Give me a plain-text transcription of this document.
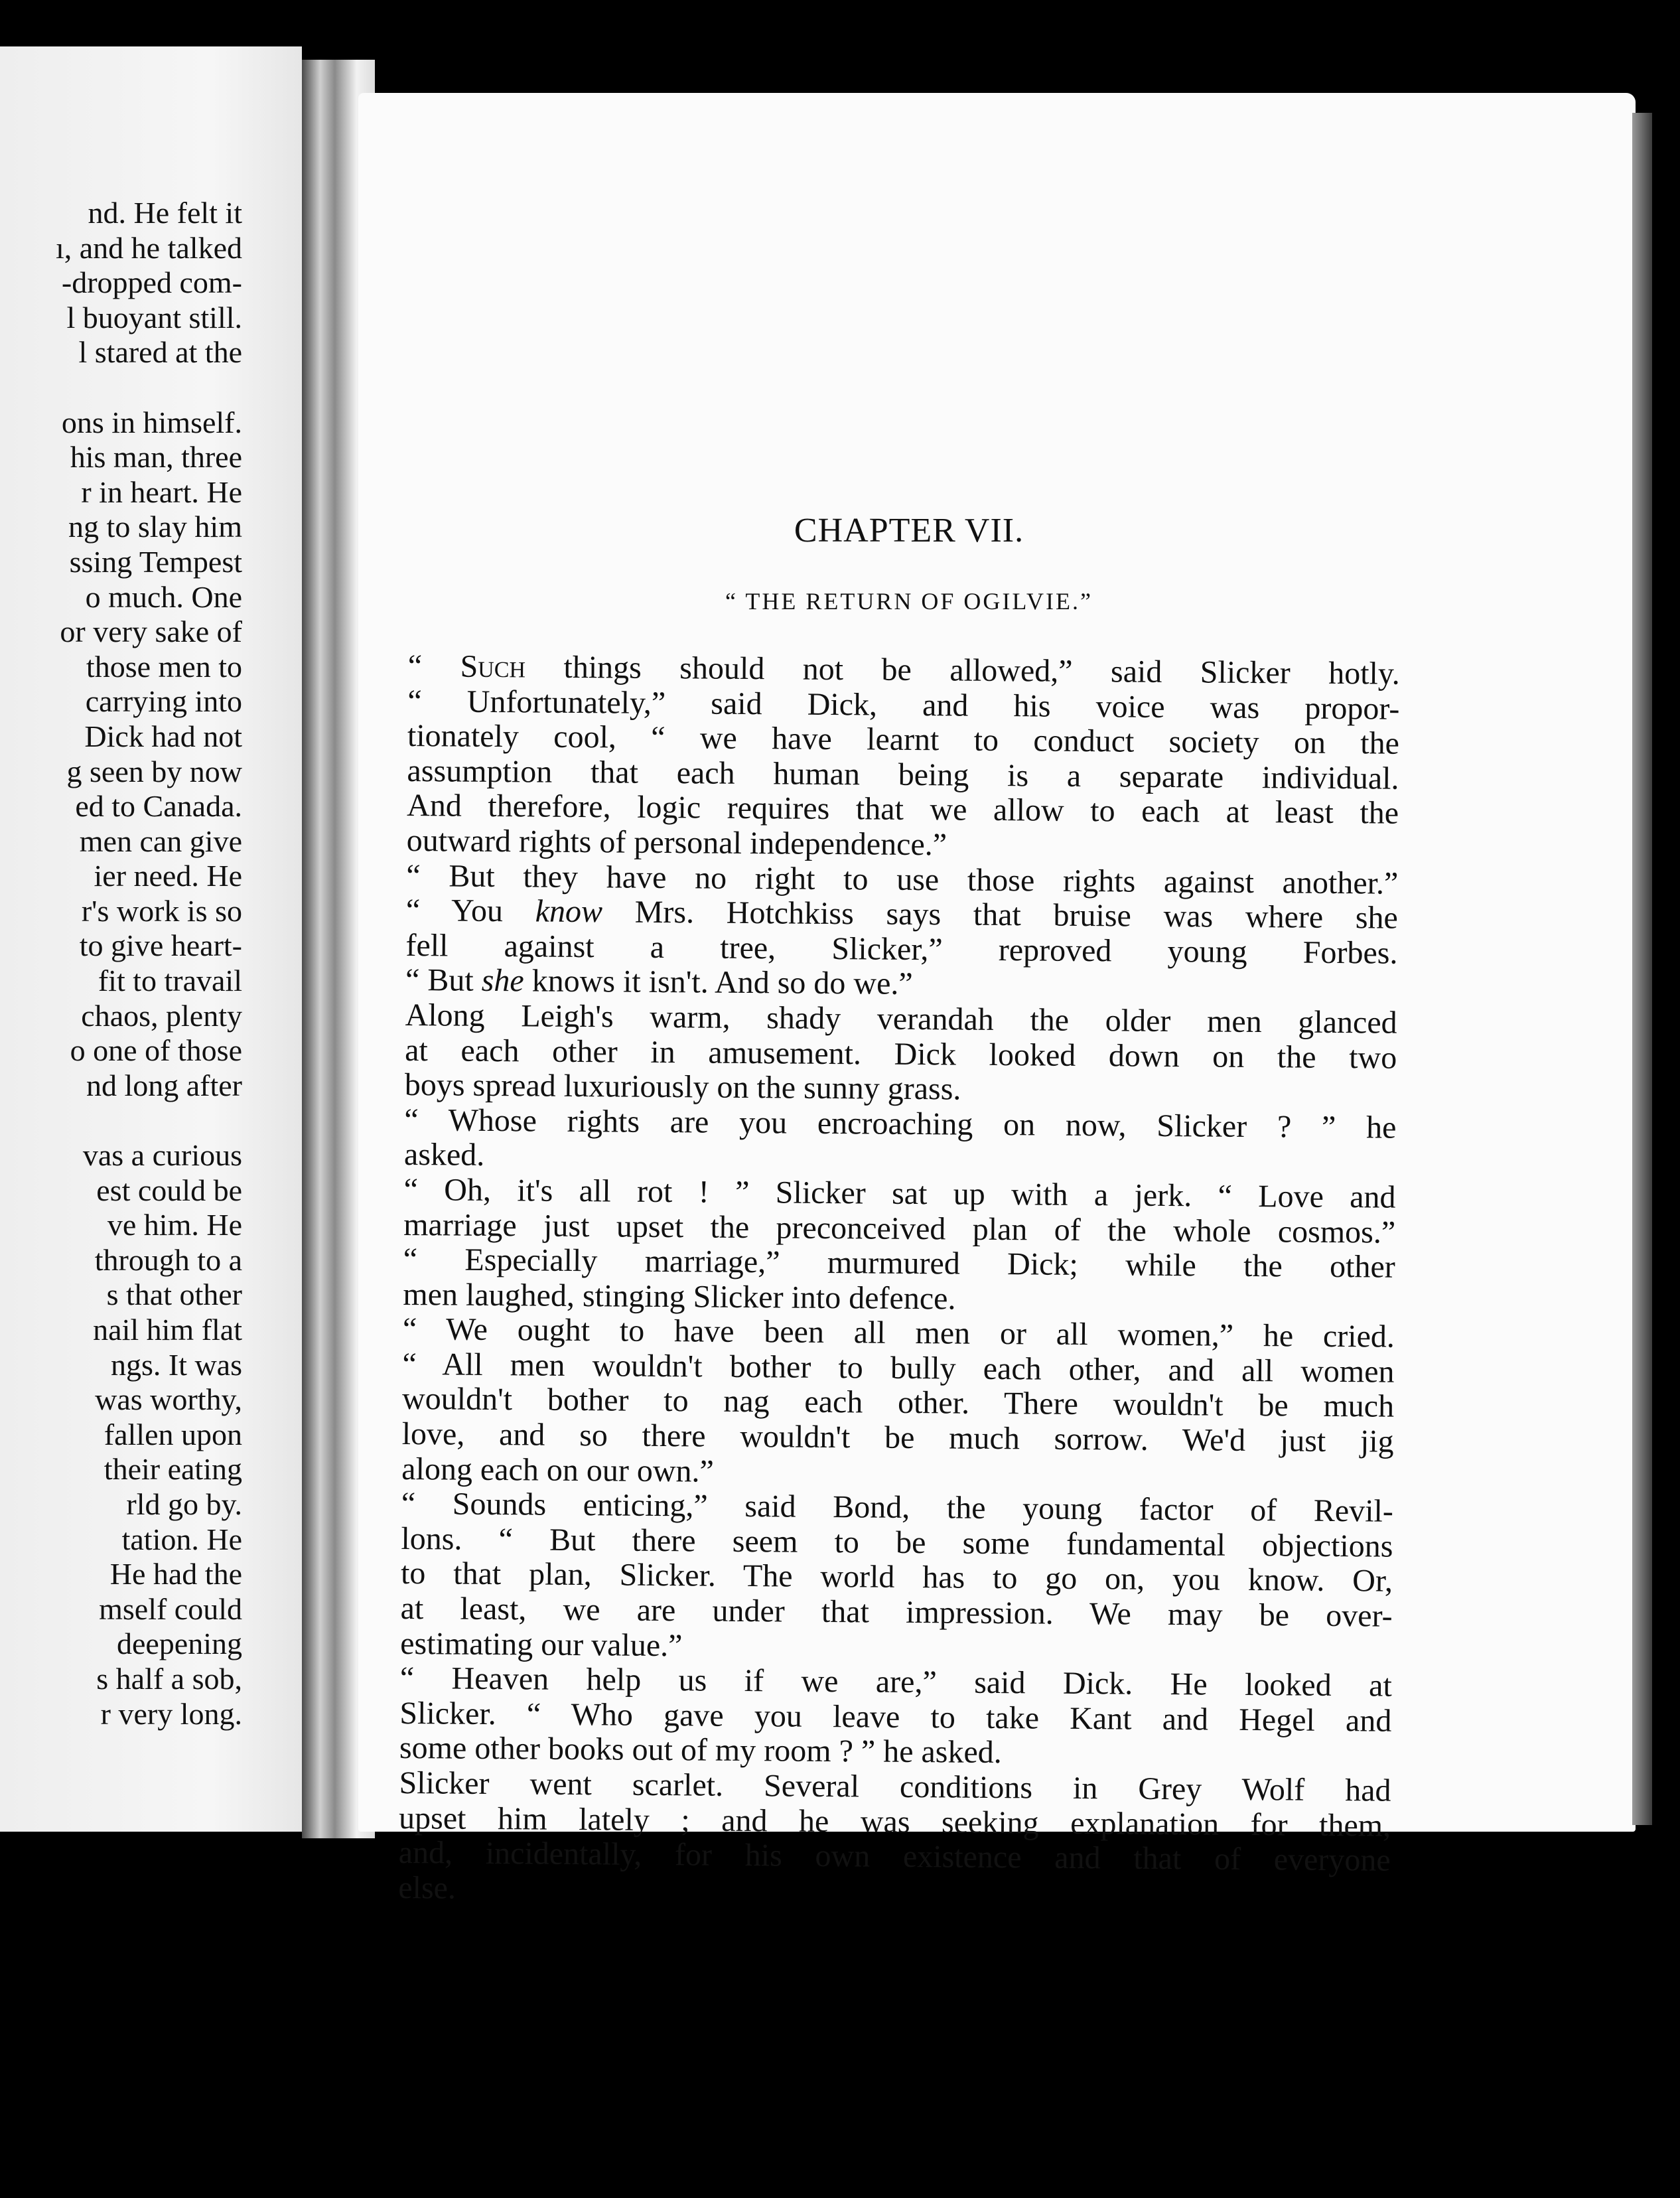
nd. He felt it
ı, and he talked
-dropped com-
l buoyant still.
l stared at the
ons in himself.
his man, three
r in heart. He
ng to slay him
ssing Tempest
o much. One
or very sake of
those men to
carrying into
Dick had not
g seen by now
ed to Canada.
men can give
ier need. He
r's work is so
to give heart-
fit to travail
chaos, plenty
o one of those
nd long after
vas a curious
est could be
ve him. He
through to a
s that other
nail him flat
ngs. It was
was worthy,
fallen upon
their eating
rld go by.
tation. He
He had the
mself could
deepening
s half a sob,
r very long.
CHAPTER VII.
“ THE RETURN OF OGILVIE.”
“ Such things should not be allowed,” said Slicker hotly.
“ Unfortunately,” said Dick, and his voice was propor-
tionately cool, “ we have learnt to conduct society on the
assumption that each human being is a separate individual.
And therefore, logic requires that we allow to each at least the
outward rights of personal independence.”
“ But they have no right to use those rights against another.”
“ You know Mrs. Hotchkiss says that bruise was where she
fell against a tree, Slicker,” reproved young Forbes.
“ But she knows it isn't. And so do we.”
Along Leigh's warm, shady verandah the older men glanced
at each other in amusement. Dick looked down on the two
boys spread luxuriously on the sunny grass.
“ Whose rights are you encroaching on now, Slicker ? ” he
asked.
“ Oh, it's all rot ! ” Slicker sat up with a jerk. “ Love and
marriage just upset the preconceived plan of the whole cosmos.”
“ Especially marriage,” murmured Dick; while the other
men laughed, stinging Slicker into defence.
“ We ought to have been all men or all women,” he cried.
“ All men wouldn't bother to bully each other, and all women
wouldn't bother to nag each other. There wouldn't be much
love, and so there wouldn't be much sorrow. We'd just jig
along each on our own.”
“ Sounds enticing,” said Bond, the young factor of Revil-
lons. “ But there seem to be some fundamental objections
to that plan, Slicker. The world has to go on, you know. Or,
at least, we are under that impression. We may be over-
estimating our value.”
“ Heaven help us if we are,” said Dick. He looked at
Slicker. “ Who gave you leave to take Kant and Hegel and
some other books out of my room ? ” he asked.
Slicker went scarlet. Several conditions in Grey Wolf had
upset him lately ; and he was seeking explanation for them,
and, incidentally, for his own existence and that of everyone
else.
